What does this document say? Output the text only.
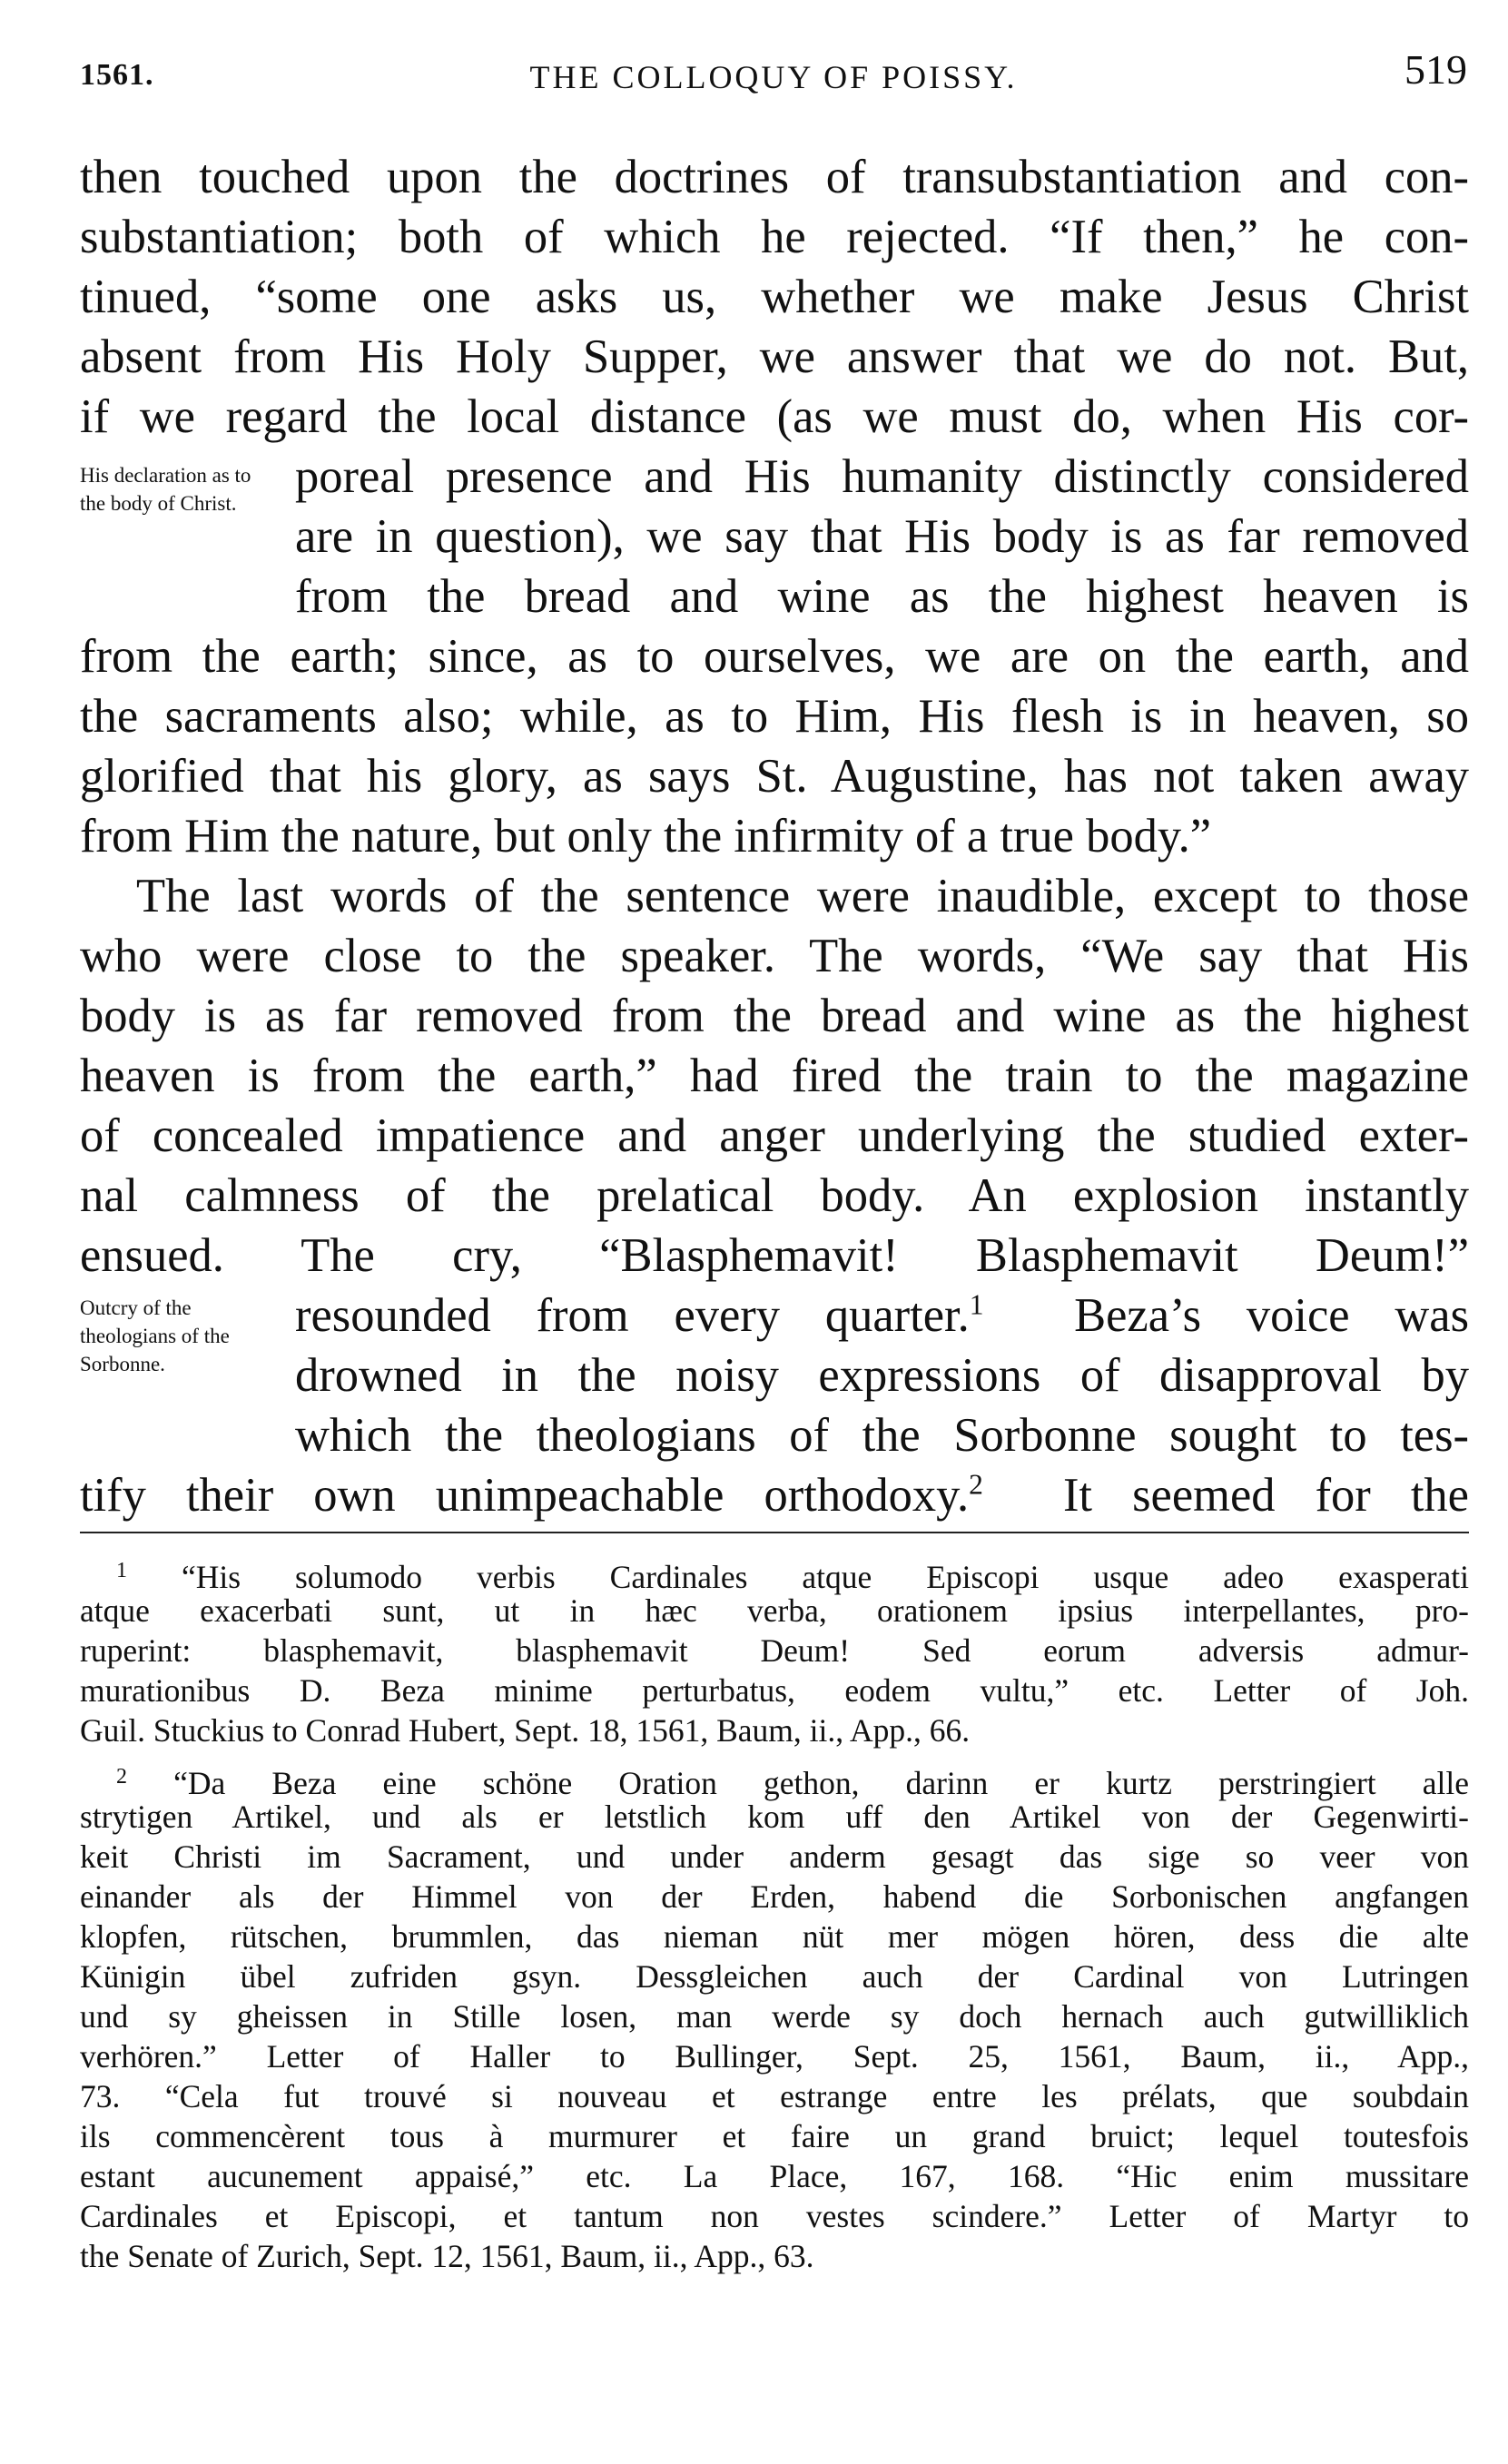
1561.	THE COLLOQUY OF POISSY.	519
His declaration as to the body of Christ.
Outcry of the theologians of the Sorbonne.
then touched upon the doctrines of transubstantiation and con-
substantiation; both of which he rejected. “If then,” he con-
tinued, “some one asks us, whether we make Jesus Christ
absent from His Holy Supper, we answer that we do not. But,
if we regard the local distance (as we must do, when His cor-
poreal presence and His humanity distinctly considered
are in question), we say that His body is as far removed
from the bread and wine as the highest heaven is
from the earth; since, as to ourselves, we are on the earth, and
the sacraments also; while, as to Him, His flesh is in heaven, so
glorified that his glory, as says St. Augustine, has not taken away
from Him the nature, but only the infirmity of a true body.”
The last words of the sentence were inaudible, except to those
who were close to the speaker. The words, “We say that His
body is as far removed from the bread and wine as the highest
heaven is from the earth,” had fired the train to the magazine
of concealed impatience and anger underlying the studied exter-
nal calmness of the prelatical body. An explosion instantly
ensued. The cry, “Blasphemavit! Blasphemavit Deum!”
resounded from every quarter.$^1$ Beza’s voice was
drowned in the noisy expressions of disapproval by
which the theologians of the Sorbonne sought to tes-
tify their own unimpeachable orthodoxy.$^2$ It seemed for the
$^1$ “His solumodo verbis Cardinales atque Episcopi usque adeo exasperati
atque exacerbati sunt, ut in hæc verba, orationem ipsius interpellantes, pro-
ruperint: blasphemavit, blasphemavit Deum! Sed eorum adversis admur-
murationibus D. Beza minime perturbatus, eodem vultu,” etc. Letter of Joh.
Guil. Stuckius to Conrad Hubert, Sept. 18, 1561, Baum, ii., App., 66.
$^2$ “Da Beza eine schöne Oration gethon, darinn er kurtz perstringiert alle
strytigen Artikel, und als er letstlich kom uff den Artikel von der Gegenwirti-
keit Christi im Sacrament, und under anderm gesagt das sige so veer von
einander als der Himmel von der Erden, habend die Sorbonischen angfangen
klopfen, rütschen, brummlen, das nieman nüt mer mögen hören, dess die alte
Künigin übel zufriden gsyn. Dessgleichen auch der Cardinal von Lutringen
und sy gheissen in Stille losen, man werde sy doch hernach auch gutwilliklich
verhören.” Letter of Haller to Bullinger, Sept. 25, 1561, Baum, ii., App.,
73. “Cela fut trouvé si nouveau et estrange entre les prélats, que soubdain
ils commencèrent tous à murmurer et faire un grand bruict; lequel toutesfois
estant aucunement appaisé,” etc. La Place, 167, 168. “Hic enim mussitare
Cardinales et Episcopi, et tantum non vestes scindere.” Letter of Martyr to
the Senate of Zurich, Sept. 12, 1561, Baum, ii., App., 63.
